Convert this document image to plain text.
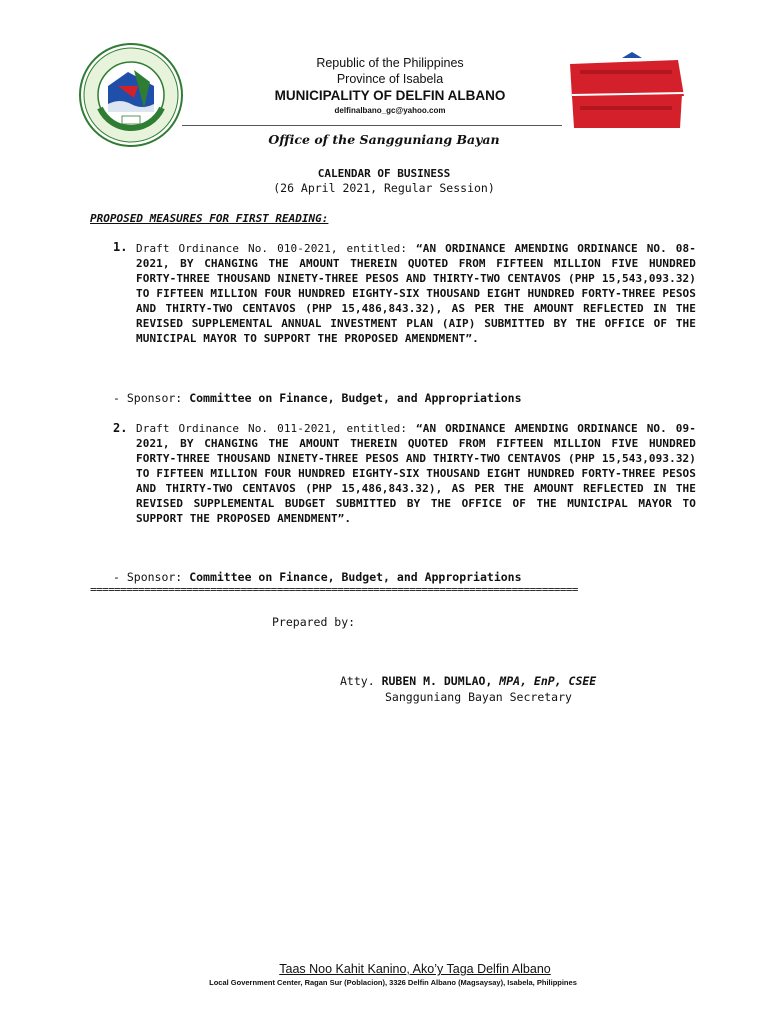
Republic of the Philippines
Province of Isabela
MUNICIPALITY OF DELFIN ALBANO
delfinalbano_gc@yahoo.com
Office of the Sangguniang Bayan
CALENDAR OF BUSINESS
(26 April 2021, Regular Session)
PROPOSED MEASURES FOR FIRST READING:
1. Draft Ordinance No. 010-2021, entitled: “AN ORDINANCE AMENDING ORDINANCE NO. 08-2021, BY CHANGING THE AMOUNT THEREIN QUOTED FROM FIFTEEN MILLION FIVE HUNDRED FORTY-THREE THOUSAND NINETY-THREE PESOS AND THIRTY-TWO CENTAVOS (PHP 15,543,093.32) TO FIFTEEN MILLION FOUR HUNDRED EIGHTY-SIX THOUSAND EIGHT HUNDRED FORTY-THREE PESOS AND THIRTY-TWO CENTAVOS (PHP 15,486,843.32), AS PER THE AMOUNT REFLECTED IN THE REVISED SUPPLEMENTAL ANNUAL INVESTMENT PLAN (AIP) SUBMITTED BY THE OFFICE OF THE MUNICIPAL MAYOR TO SUPPORT THE PROPOSED AMENDMENT”.
- Sponsor: Committee on Finance, Budget, and Appropriations
2. Draft Ordinance No. 011-2021, entitled: “AN ORDINANCE AMENDING ORDINANCE NO. 09-2021, BY CHANGING THE AMOUNT THEREIN QUOTED FROM FIFTEEN MILLION FIVE HUNDRED FORTY-THREE THOUSAND NINETY-THREE PESOS AND THIRTY-TWO CENTAVOS (PHP 15,543,093.32) TO FIFTEEN MILLION FOUR HUNDRED EIGHTY-SIX THOUSAND EIGHT HUNDRED FORTY-THREE PESOS AND THIRTY-TWO CENTAVOS (PHP 15,486,843.32), AS PER THE AMOUNT REFLECTED IN THE REVISED SUPPLEMENTAL BUDGET SUBMITTED BY THE OFFICE OF THE MUNICIPAL MAYOR TO SUPPORT THE PROPOSED AMENDMENT”.
- Sponsor: Committee on Finance, Budget, and Appropriations
=================================================================================
Prepared by:
Atty. RUBEN M. DUMLAO, MPA, EnP, CSEE
Sangguniang Bayan Secretary
Taas Noo Kahit Kanino, Ako’y Taga Delfin Albano
Local Government Center, Ragan Sur (Poblacion), 3326 Delfin Albano (Magsaysay), Isabela, Philippines
